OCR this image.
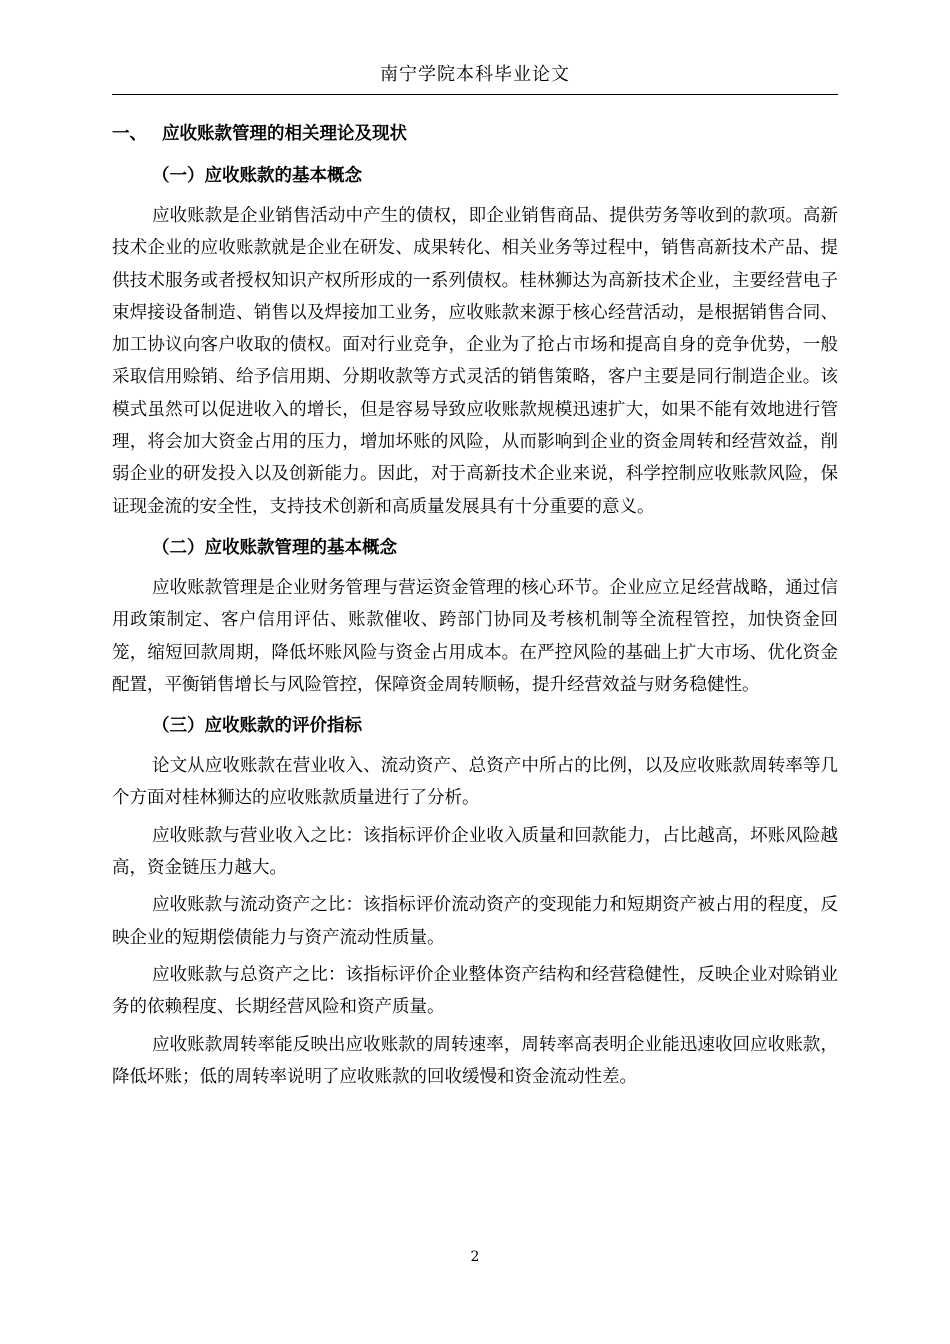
南宁学院本科毕业论文
一、 应收账款管理的相关理论及现状
（一）应收账款的基本概念

应收账款是企业销售活动中产生的债权，即企业销售商品、提供劳务等收到的款项。高新技术企业的应收账款就是企业在研发、成果转化、相关业务等过程中，销售高新技术产品、提供技术服务或者授权知识产权所形成的一系列债权。桂林狮达为高新技术企业，主要经营电子束焊接设备制造、销售以及焊接加工业务，应收账款来源于核心经营活动，是根据销售合同、加工协议向客户收取的债权。面对行业竞争，企业为了抢占市场和提高自身的竞争优势，一般采取信用赊销、给予信用期、分期收款等方式灵活的销售策略，客户主要是同行制造企业。该模式虽然可以促进收入的增长，但是容易导致应收账款规模迅速扩大，如果不能有效地进行管理，将会加大资金占用的压力，增加坏账的风险，从而影响到企业的资金周转和经营效益，削弱企业的研发投入以及创新能力。因此，对于高新技术企业来说，科学控制应收账款风险，保证现金流的安全性，支持技术创新和高质量发展具有十分重要的意义。

（二）应收账款管理的基本概念

应收账款管理是企业财务管理与营运资金管理的核心环节。企业应立足经营战略，通过信用政策制定、客户信用评估、账款催收、跨部门协同及考核机制等全流程管控，加快资金回笼，缩短回款周期，降低坏账风险与资金占用成本。在严控风险的基础上扩大市场、优化资金配置，平衡销售增长与风险管控，保障资金周转顺畅，提升经营效益与财务稳健性。

（三）应收账款的评价指标

论文从应收账款在营业收入、流动资产、总资产中所占的比例，以及应收账款周转率等几个方面对桂林狮达的应收账款质量进行了分析。

应收账款与营业收入之比：该指标评价企业收入质量和回款能力，占比越高，坏账风险越高，资金链压力越大。

应收账款与流动资产之比：该指标评价流动资产的变现能力和短期资产被占用的程度，反映企业的短期偿债能力与资产流动性质量。

应收账款与总资产之比：该指标评价企业整体资产结构和经营稳健性，反映企业对赊销业务的依赖程度、长期经营风险和资产质量。

应收账款周转率能反映出应收账款的周转速率，周转率高表明企业能迅速收回应收账款，降低坏账；低的周转率说明了应收账款的回收缓慢和资金流动性差。

2
